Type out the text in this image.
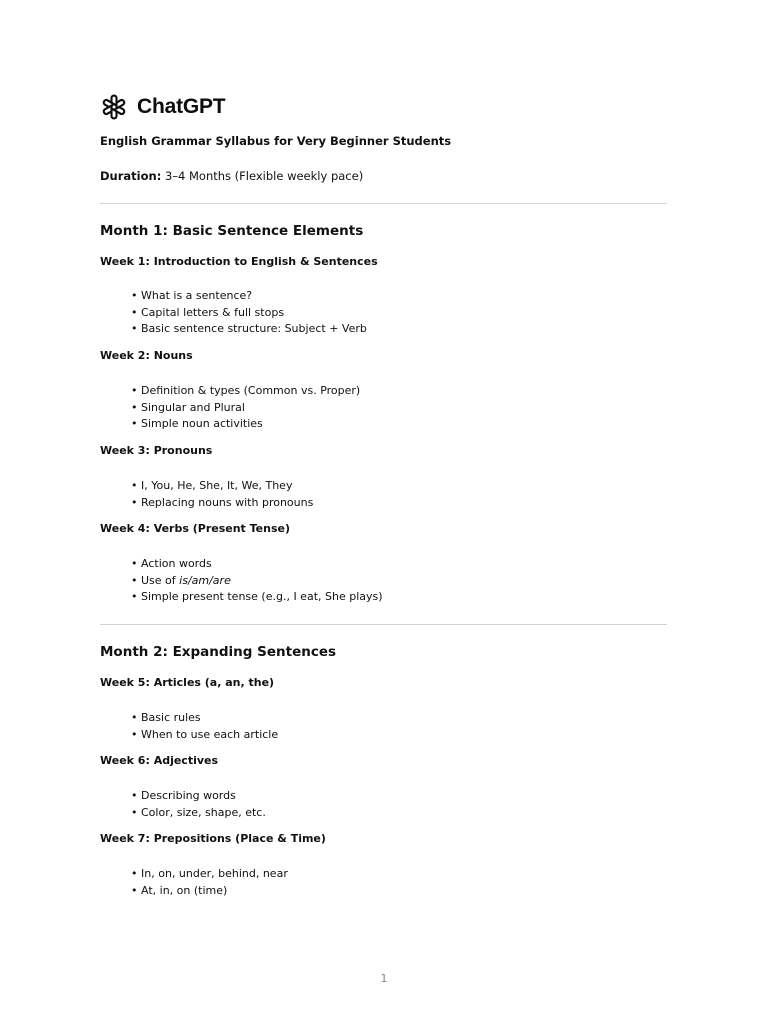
ChatGPT
English Grammar Syllabus for Very Beginner Students
Duration: 3–4 Months (Flexible weekly pace)
Month 1: Basic Sentence Elements
Week 1: Introduction to English & Sentences
• What is a sentence?
• Capital letters & full stops
• Basic sentence structure: Subject + Verb
Week 2: Nouns
• Definition & types (Common vs. Proper)
• Singular and Plural
• Simple noun activities
Week 3: Pronouns
• I, You, He, She, It, We, They
• Replacing nouns with pronouns
Week 4: Verbs (Present Tense)
• Action words
• Use of is/am/are
• Simple present tense (e.g., I eat, She plays)
Month 2: Expanding Sentences
Week 5: Articles (a, an, the)
• Basic rules
• When to use each article
Week 6: Adjectives
• Describing words
• Color, size, shape, etc.
Week 7: Prepositions (Place & Time)
• In, on, under, behind, near
• At, in, on (time)
1
